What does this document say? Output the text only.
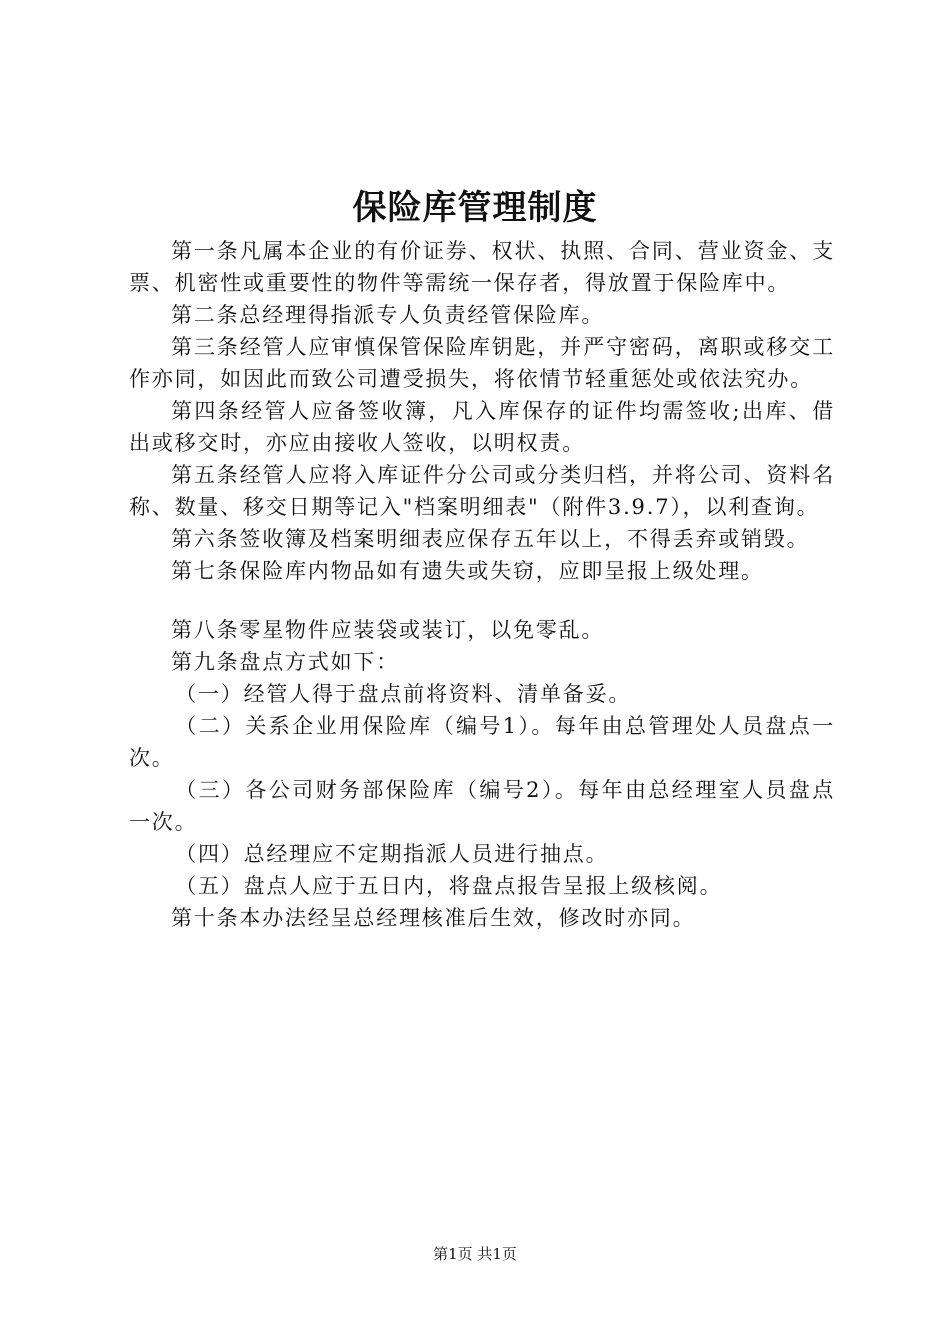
保险库管理制度

第一条凡属本企业的有价证券、权状、执照、合同、营业资金、支票、机密性或重要性的物件等需统一保存者，得放置于保险库中。

第二条总经理得指派专人负责经管保险库。

第三条经管人应审慎保管保险库钥匙，并严守密码，离职或移交工作亦同，如因此而致公司遭受损失，将依情节轻重惩处或依法究办。

第四条经管人应备签收簿，凡入库保存的证件均需签收;出库、借出或移交时，亦应由接收人签收，以明权责。

第五条经管人应将入库证件分公司或分类归档，并将公司、资料名称、数量、移交日期等记入"档案明细表"（附件3.9.7），以利查询。

第六条签收簿及档案明细表应保存五年以上，不得丢弃或销毁。

第七条保险库内物品如有遗失或失窃，应即呈报上级处理。

第八条零星物件应装袋或装订，以免零乱。

第九条盘点方式如下：

（一）经管人得于盘点前将资料、清单备妥。

（二）关系企业用保险库（编号1）。每年由总管理处人员盘点一次。

（三）各公司财务部保险库（编号2）。每年由总经理室人员盘点一次。

（四）总经理应不定期指派人员进行抽点。

（五）盘点人应于五日内，将盘点报告呈报上级核阅。

第十条本办法经呈总经理核准后生效，修改时亦同。

第1页 共1页
